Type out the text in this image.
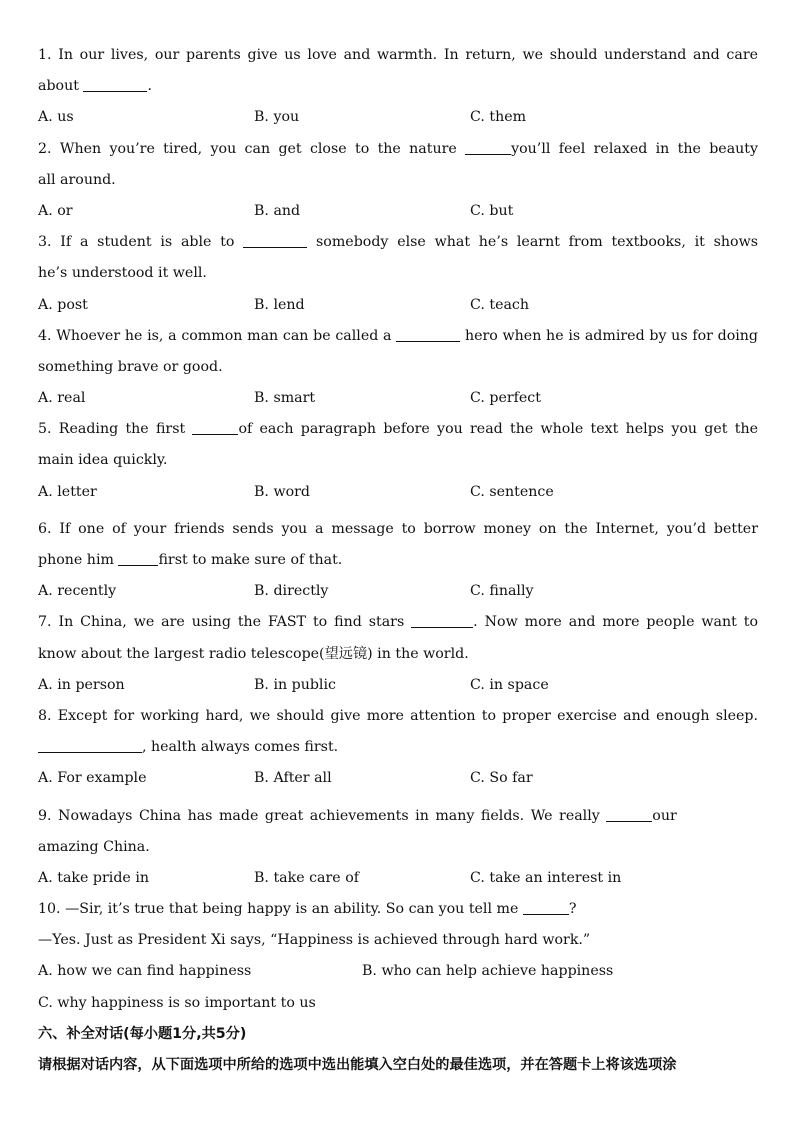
1. In our lives, our parents give us love and warmth. In return, we should understand and care
about	.
A. us	B. you	C. them
2. When you’re tired, you can get close to the nature	you’ll feel relaxed in the beauty
all around.
A. or	B. and	C. but
3. If a student is able to	somebody else what he’s learnt from textbooks, it shows
he’s understood it well.
A. post	B. lend	C. teach
4. Whoever he is, a common man can be called a	hero when he is admired by us for doing
something brave or good.
A. real	B. smart	C. perfect
5. Reading the first	of each paragraph before you read the whole text helps you get the
main idea quickly.
A. letter	B. word	C. sentence
6. If one of your friends sends you a message to borrow money on the Internet, you’d better
phone him	first to make sure of that.
A. recently	B. directly	C. finally
7. In China, we are using the FAST to find stars	. Now more and more people want to
know about the largest radio telescope(望远镜) in the world.
A. in person	B. in public	C. in space
8. Except for working hard, we should give more attention to proper exercise and enough sleep.
, health always comes first.
A. For example	B. After all	C. So far
9. Nowadays China has made great achievements in many fields. We really	our
amazing China.
A. take pride in	B. take care of	C. take an interest in
10. —Sir, it’s true that being happy is an ability. So can you tell me	?
—Yes. Just as President Xi says, “Happiness is achieved through hard work.”
A. how we can find happiness	B. who can help achieve happiness
C. why happiness is so important to us
六、补全对话(每小题1分,共5分)
请根据对话内容，从下面选项中所给的选项中选出能填入空白处的最佳选项，并在答题卡上将该选项涂
